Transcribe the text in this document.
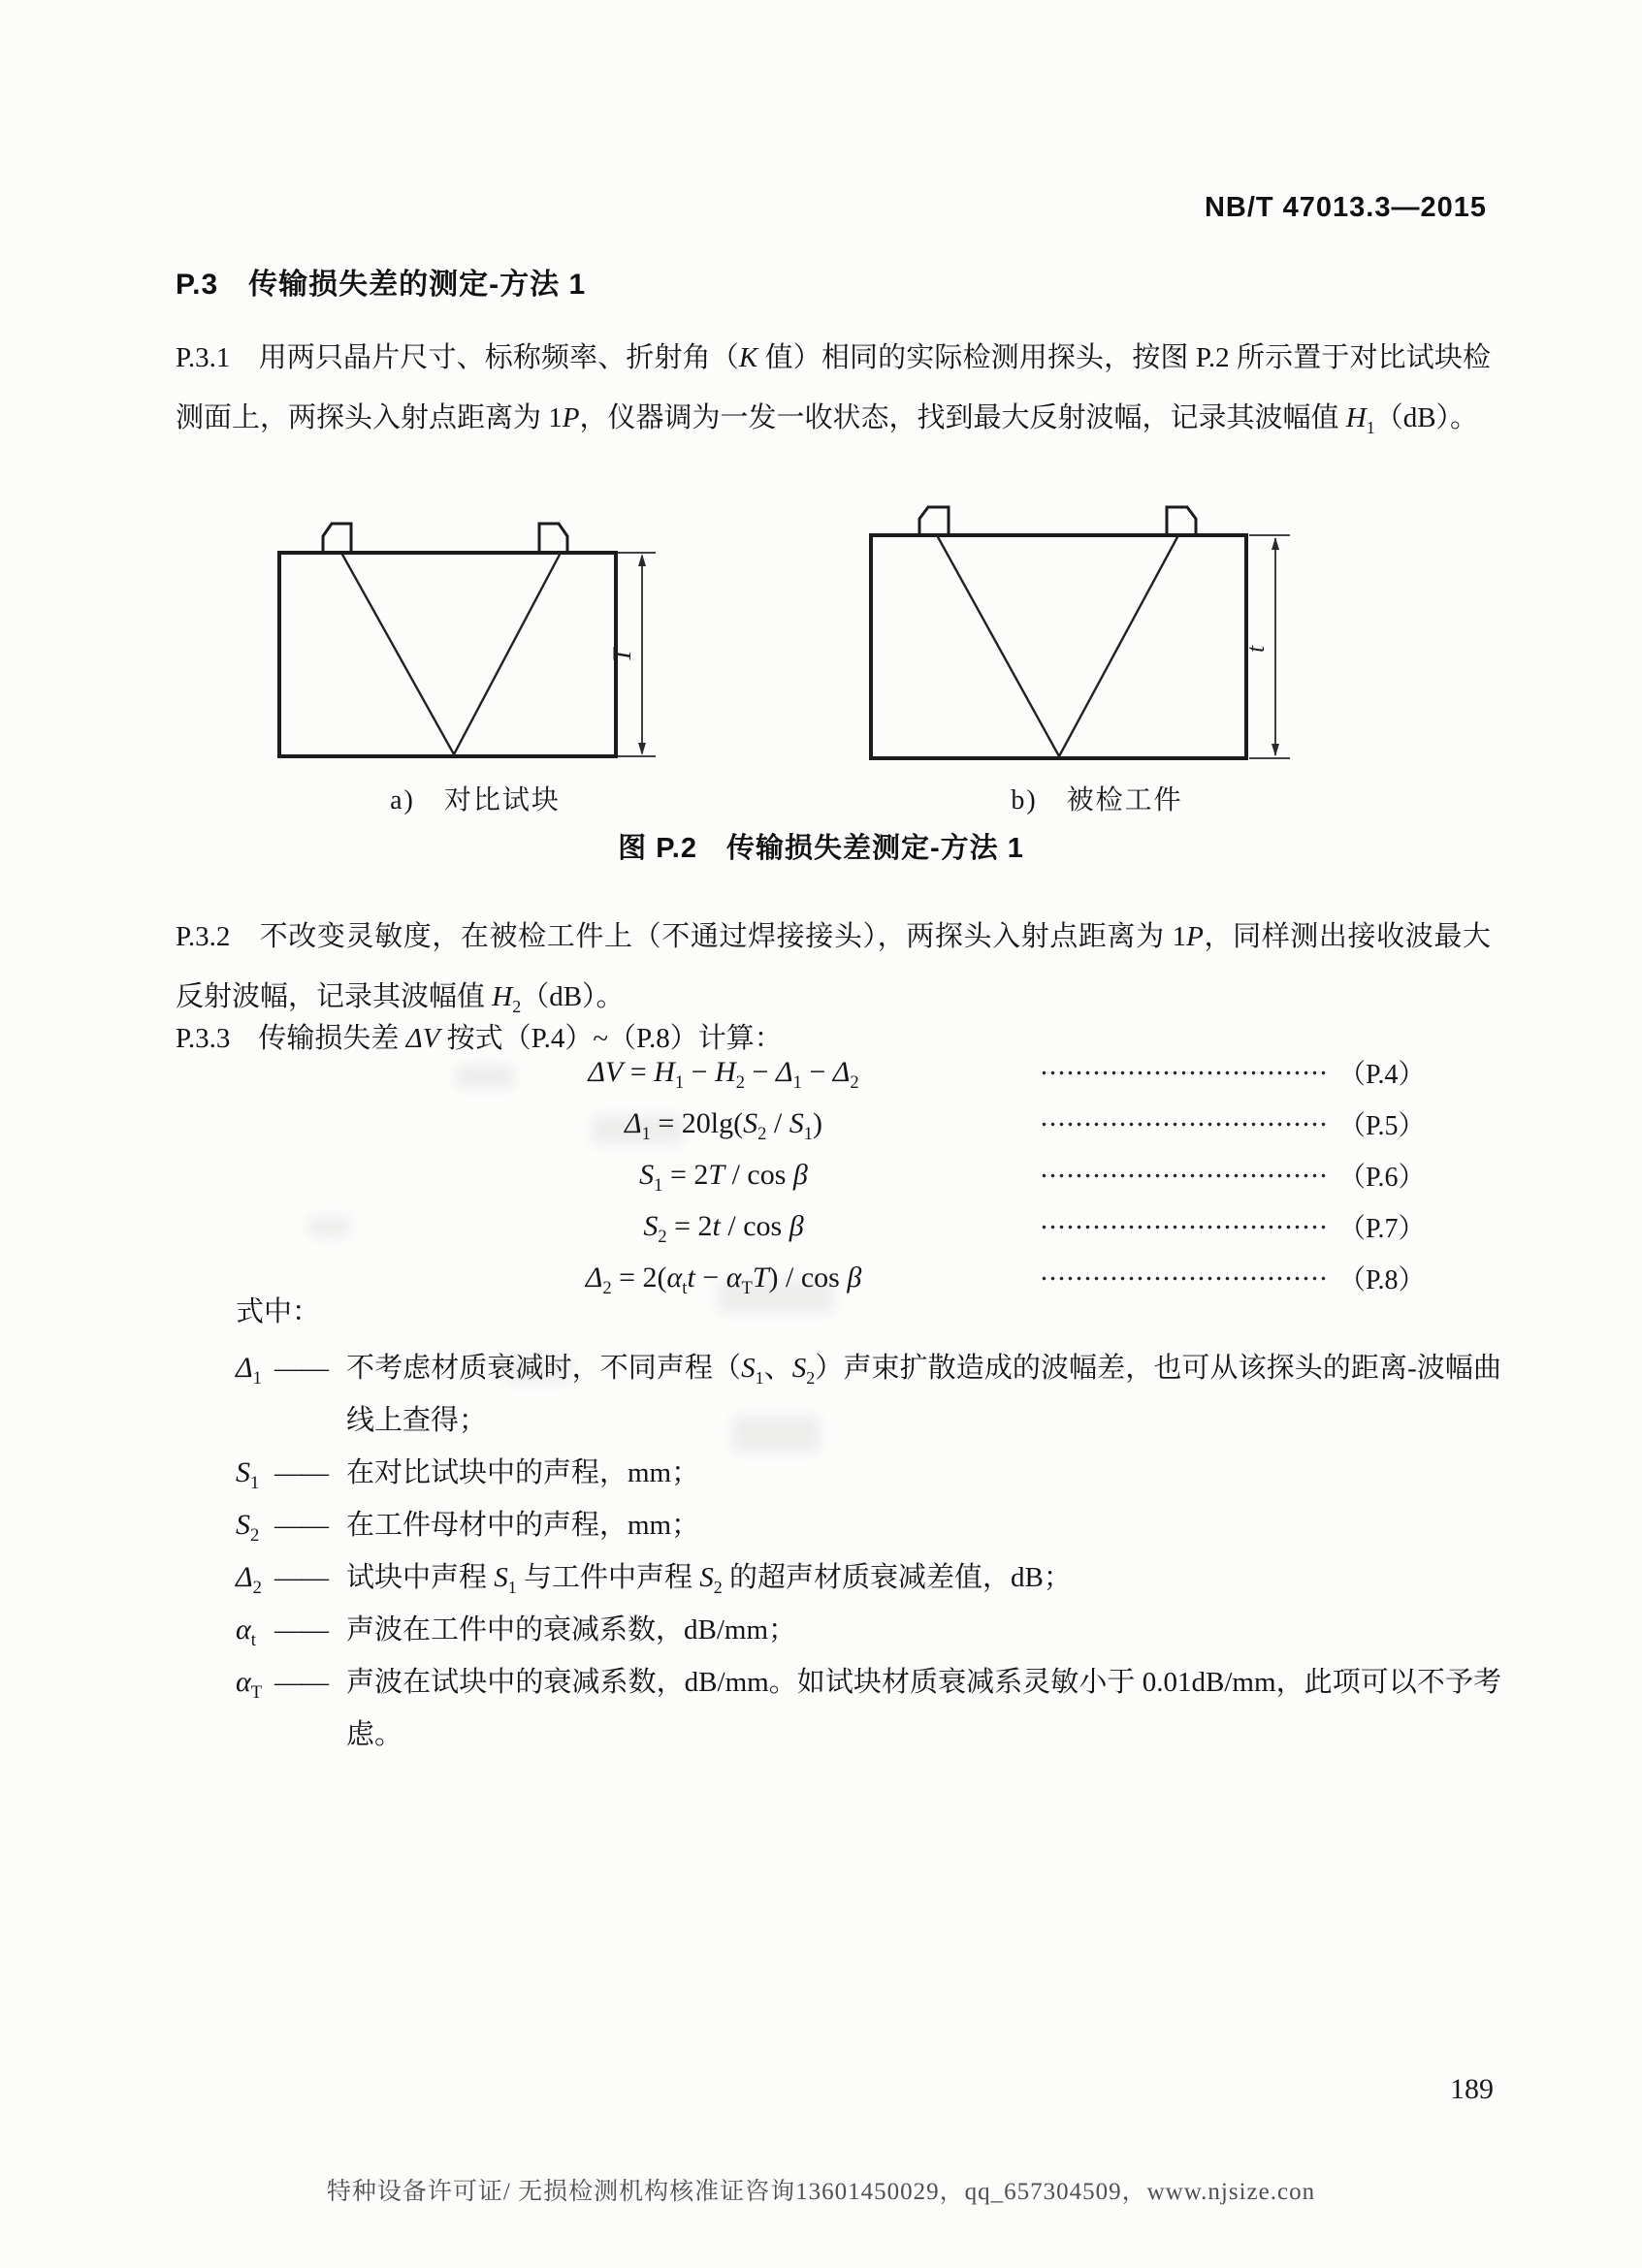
NB/T 47013.3—2015
P.3　传输损失差的测定-方法 1

P.3.1　用两只晶片尺寸、标称频率、折射角（K 值）相同的实际检测用探头，按图 P.2 所示置于对比试块检测面上，两探头入射点距离为 1P，仪器调为一发一收状态，找到最大反射波幅，记录其波幅值 $H_1(dB)$。

T	t
a)　对比试块	b)　被检工件
图 P.2　传输损失差测定-方法 1

P.3.2　不改变灵敏度，在被检工件上（不通过焊接接头），两探头入射点距离为 1P，同样测出接收波最大反射波幅，记录其波幅值 $H_2(dB)$。

P.3.3　传输损失差 ΔV 按式（P.4）~（P.8）计算：

$\Delta V = H_1 - H_2 - \Delta_1 - \Delta_2$	（P.4）
$\Delta_1 = 20\lg(S_2 / S_1)$	（P.5）
$S_1 = 2T / \cos \beta$	（P.6）
$S_2 = 2t / \cos \beta$	（P.7）
$\Delta_2 = 2(\alpha_tt - \alpha_TT) / \cos \beta$	（P.8）
式中：
$\Delta_1$ —— 不考虑材质衰减时，不同声程（$S_1$、$S_2$）声束扩散造成的波幅差，也可从该探头的距离-波幅曲线上查得；
$S_1$ —— 在对比试块中的声程，mm；
$S_2$ —— 在工件母材中的声程，mm；
$\Delta_2$ —— 试块中声程 $S_1$ 与工件中声程 $S_2$ 的超声材质衰减差值，dB；
$\alpha_t$ —— 声波在工件中的衰减系数，dB/mm；
$\alpha_T$ —— 声波在试块中的衰减系数，dB/mm。如试块材质衰减系灵敏小于 0.01dB/mm，此项可以不予考虑。
189
特种设备许可证/ 无损检测机构核准证咨询13601450029，qq_657304509，www.njsize.con
